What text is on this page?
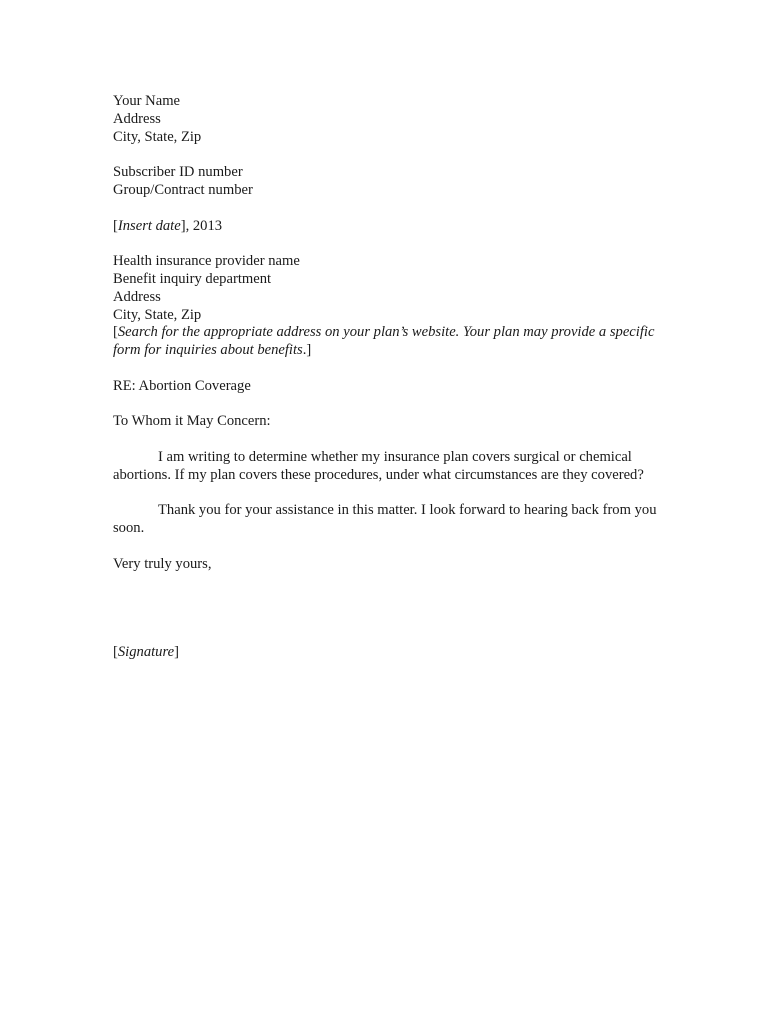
Your Name
Address
City, State, Zip
Subscriber ID number
Group/Contract number
[Insert date], 2013
Health insurance provider name
Benefit inquiry department
Address
City, State, Zip
[Search for the appropriate address on your plan’s website. Your plan may provide a specific form for inquiries about benefits.]
RE: Abortion Coverage
To Whom it May Concern:

I am writing to determine whether my insurance plan covers surgical or chemical abortions. If my plan covers these procedures, under what circumstances are they covered?

Thank you for your assistance in this matter. I look forward to hearing back from you soon.

Very truly yours,
[Signature]
